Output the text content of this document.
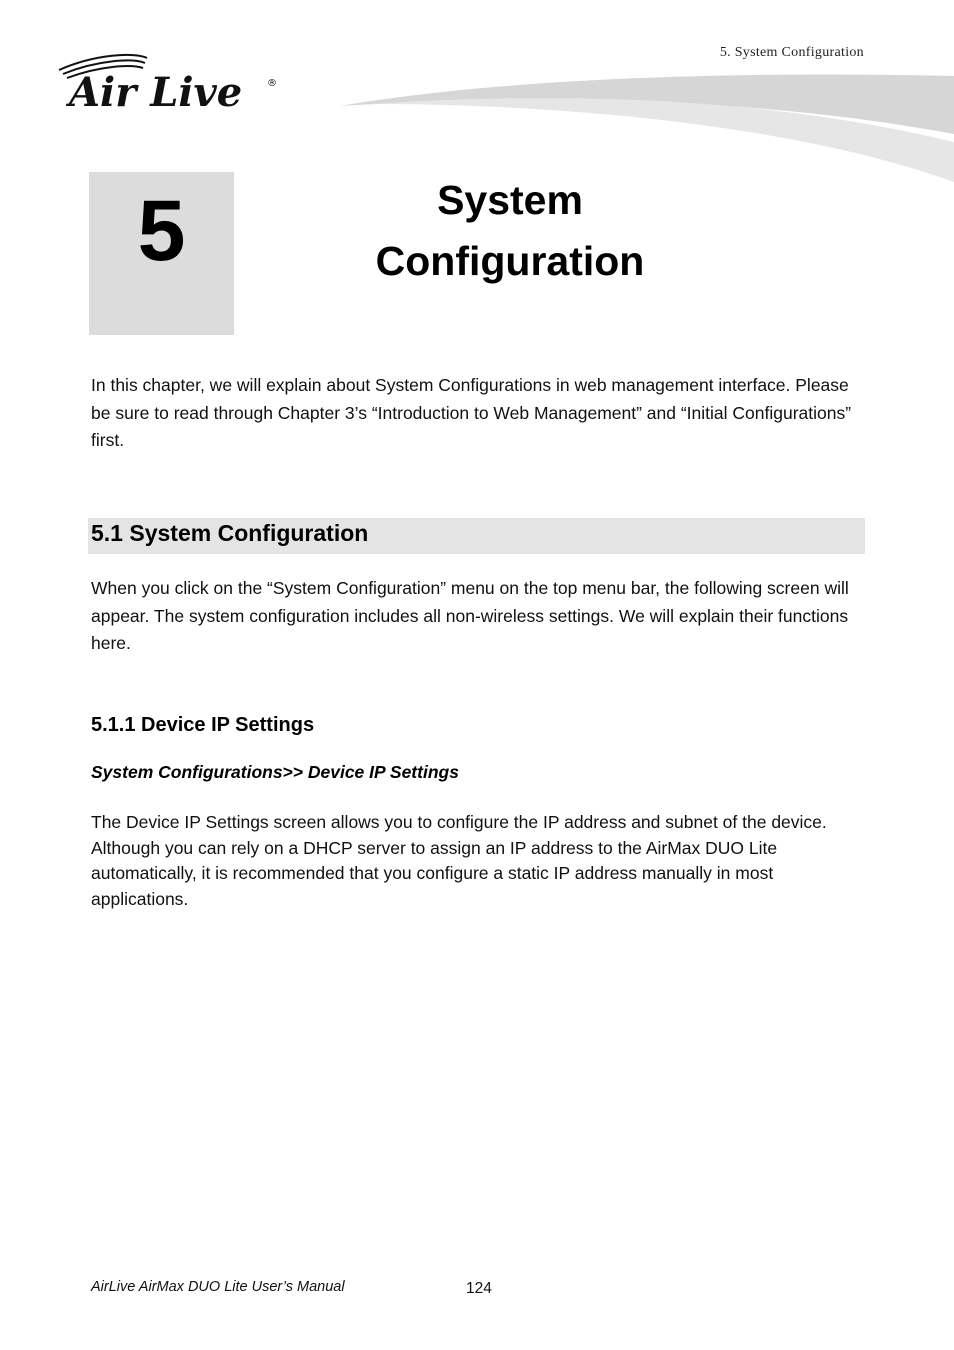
5. System Configuration
Air Live ®
5	System
Configuration
In this chapter, we will explain about System Configurations in web management interface. Please be sure to read through Chapter 3’s “Introduction to Web Management” and “Initial Configurations” first.
5.1 System Configuration
When you click on the “System Configuration” menu on the top menu bar, the following screen will appear. The system configuration includes all non-wireless settings. We will explain their functions here.
5.1.1 Device IP Settings
System Configurations>> Device IP Settings
The Device IP Settings screen allows you to configure the IP address and subnet of the device. Although you can rely on a DHCP server to assign an IP address to the AirMax DUO Lite automatically, it is recommended that you configure a static IP address manually in most applications.
AirLive AirMax DUO Lite User’s Manual	124
